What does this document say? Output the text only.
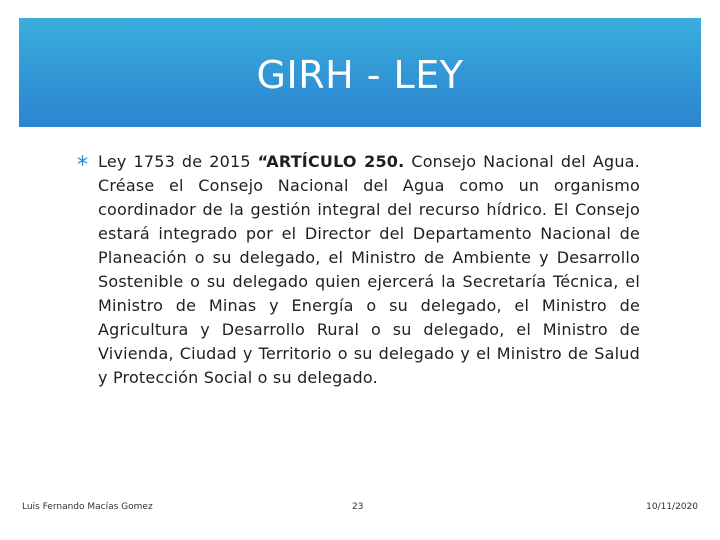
GIRH - LEY

Ley 1753 de 2015 “ARTÍCULO 250. Consejo Nacional del Agua. Créase el Consejo Nacional del Agua como un organismo coordinador de la gestión integral del recurso hídrico. El Consejo estará integrado por el Director del Departamento Nacional de Planeación o su delegado, el Ministro de Ambiente y Desarrollo Sostenible o su delegado quien ejercerá la Secretaría Técnica, el Ministro de Minas y Energía o su delegado, el Ministro de Agricultura y Desarrollo Rural o su delegado, el Ministro de Vivienda, Ciudad y Territorio o su delegado y el Ministro de Salud y Protección Social o su delegado.

Luis Fernando Macías Gomez	23	10/11/2020
